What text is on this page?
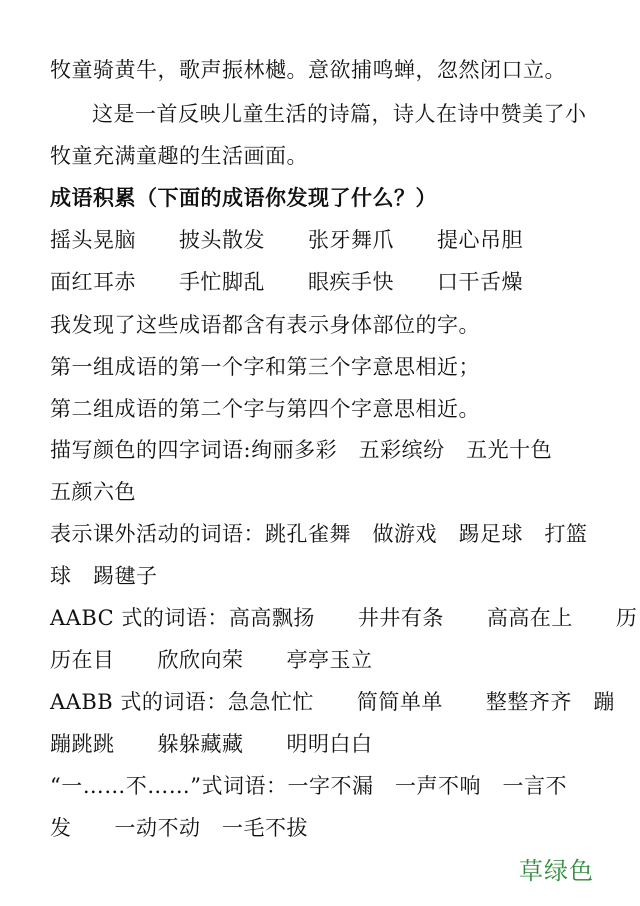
牧童骑黄牛，歌声振林樾。意欲捕鸣蝉，忽然闭口立。
这是一首反映儿童生活的诗篇，诗人在诗中赞美了小
牧童充满童趣的生活画面。
成语积累（下面的成语你发现了什么？）
摇头晃脑　　披头散发　　张牙舞爪　　提心吊胆
面红耳赤　　手忙脚乱　　眼疾手快　　口干舌燥
我发现了这些成语都含有表示身体部位的字。
第一组成语的第一个字和第三个字意思相近；
第二组成语的第二个字与第四个字意思相近。
描写颜色的四字词语:绚丽多彩　五彩缤纷　五光十色
五颜六色
表示课外活动的词语：跳孔雀舞　做游戏　踢足球　打篮
球　踢毽子
AABC 式的词语：高高飘扬　　井井有条　　高高在上　　历
历在目　　欣欣向荣　　亭亭玉立
AABB 式的词语：急急忙忙　　简简单单　　整整齐齐　蹦
蹦跳跳　　躲躲藏藏　　明明白白
“一……不……”式词语：一字不漏　一声不响　一言不
发　　一动不动　一毛不拔
草绿色
